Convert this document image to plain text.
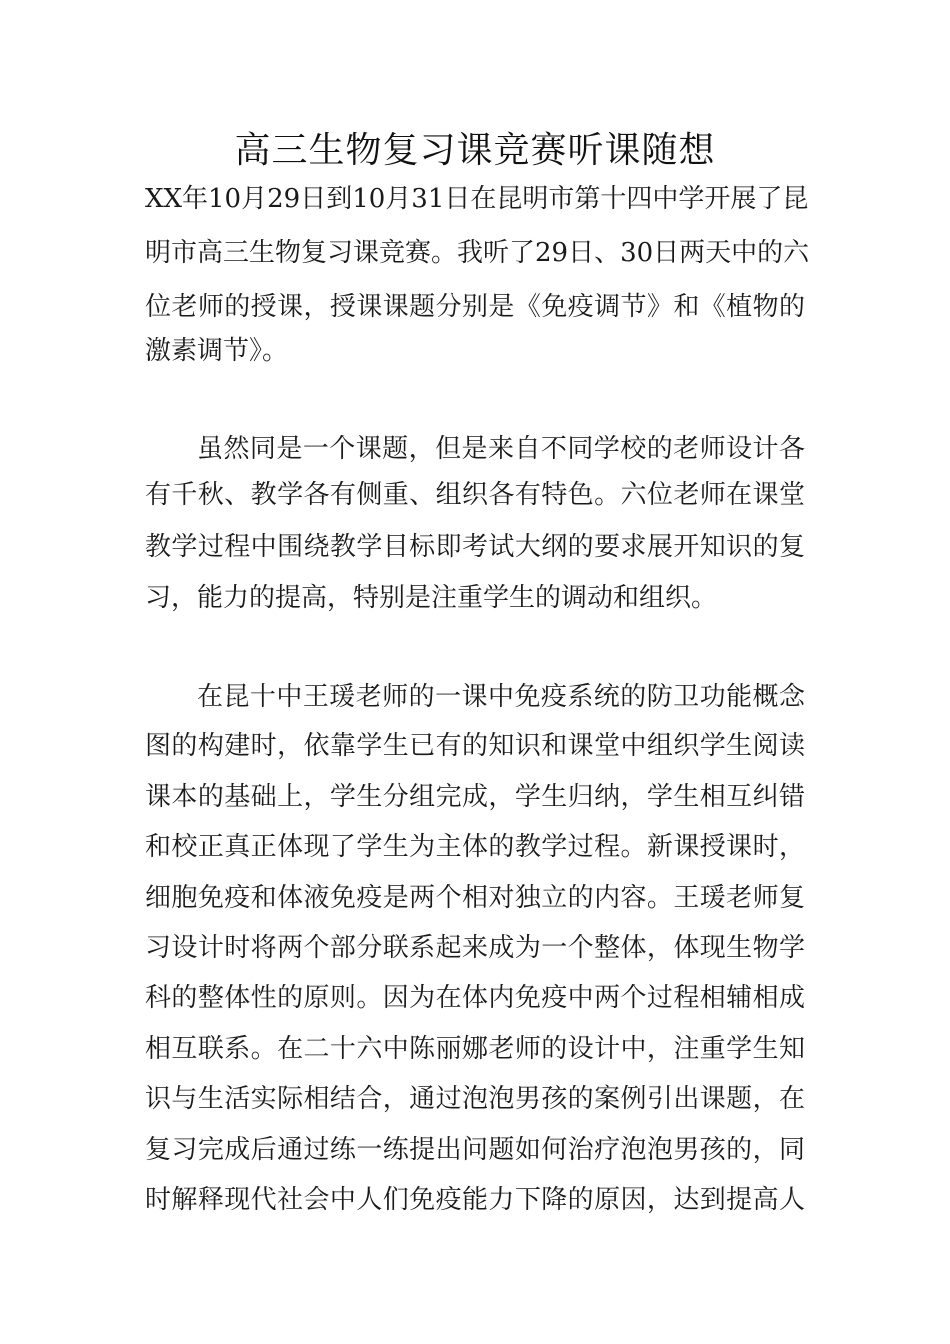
高三生物复习课竞赛听课随想

XX年10月29日到10月31日在昆明市第十四中学开展了昆

明市高三生物复习课竞赛。我听了29日、30日两天中的六

位老师的授课，授课课题分别是《免疫调节》和《植物的

激素调节》。

虽然同是一个课题，但是来自不同学校的老师设计各

有千秋、教学各有侧重、组织各有特色。六位老师在课堂

教学过程中围绕教学目标即考试大纲的要求展开知识的复

习，能力的提高，特别是注重学生的调动和组织。

在昆十中王瑗老师的一课中免疫系统的防卫功能概念

图的构建时，依靠学生已有的知识和课堂中组织学生阅读

课本的基础上，学生分组完成，学生归纳，学生相互纠错

和校正真正体现了学生为主体的教学过程。新课授课时，

细胞免疫和体液免疫是两个相对独立的内容。王瑗老师复

习设计时将两个部分联系起来成为一个整体，体现生物学

科的整体性的原则。因为在体内免疫中两个过程相辅相成

相互联系。在二十六中陈丽娜老师的设计中，注重学生知

识与生活实际相结合，通过泡泡男孩的案例引出课题，在

复习完成后通过练一练提出问题如何治疗泡泡男孩的，同

时解释现代社会中人们免疫能力下降的原因，达到提高人
